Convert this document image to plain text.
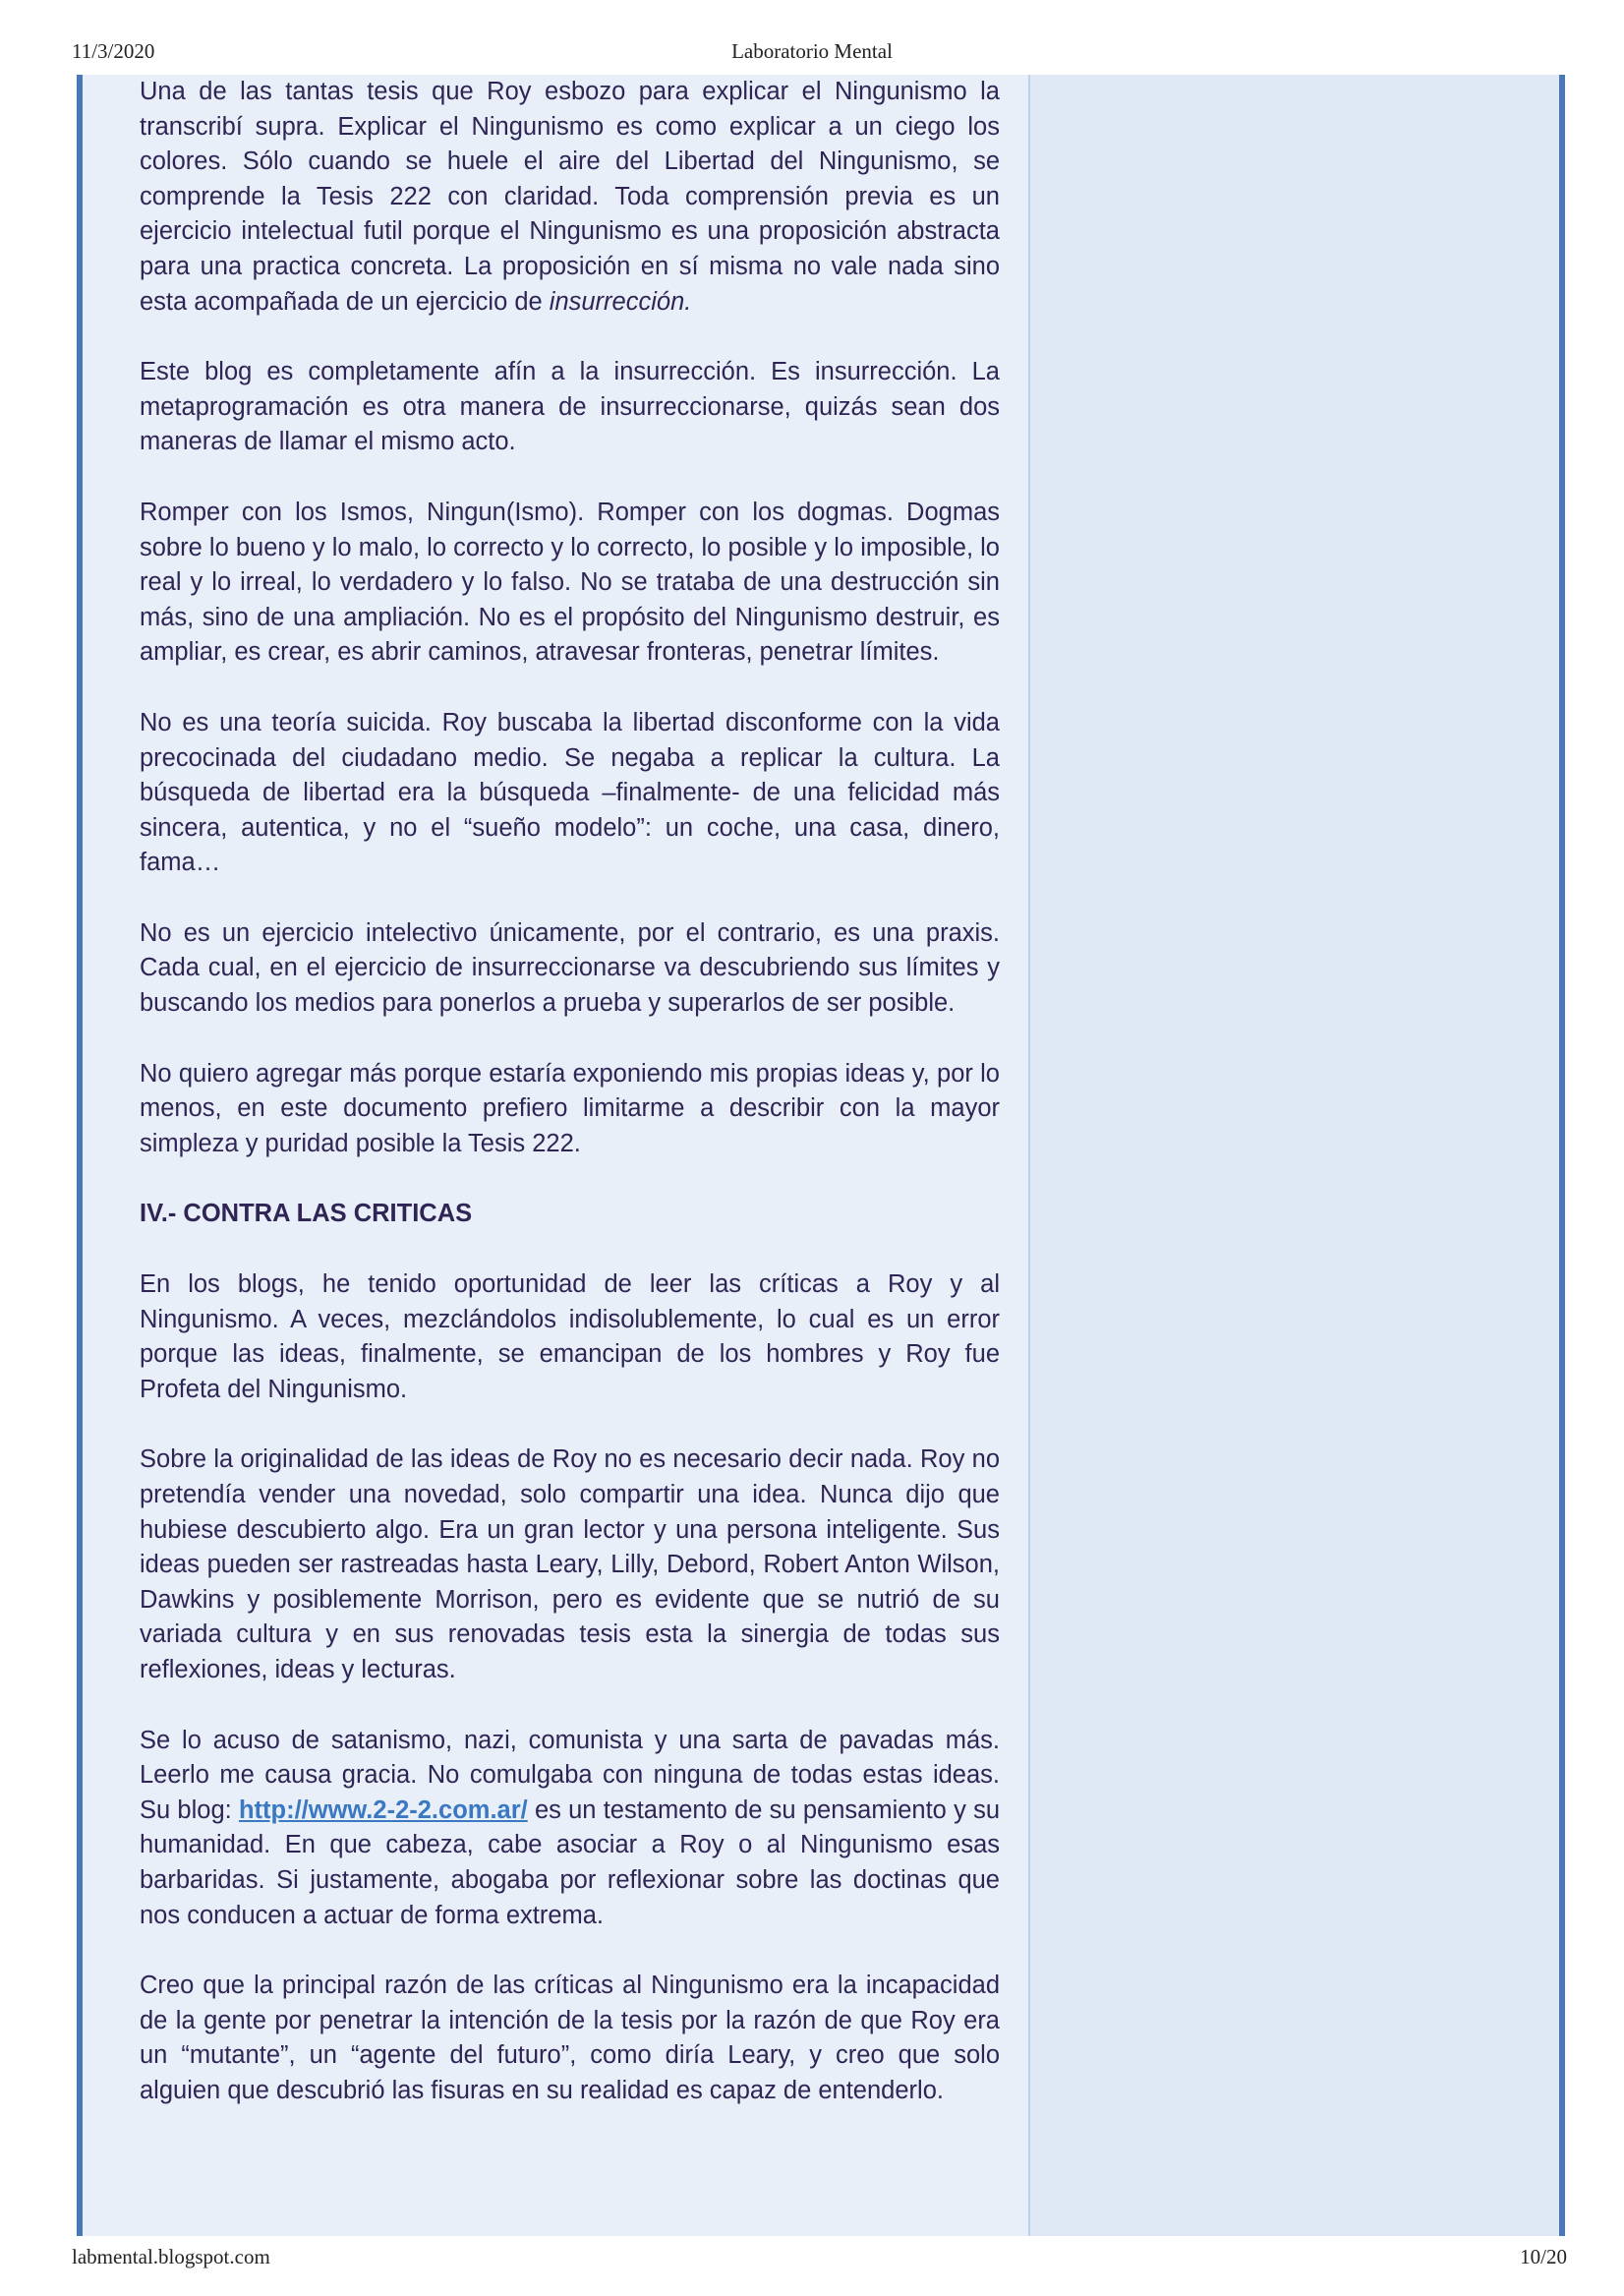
11/3/2020	Laboratorio Mental

Una de las tantas tesis que Roy esbozo para explicar el Ningunismo la transcribí supra. Explicar el Ningunismo es como explicar a un ciego los colores. Sólo cuando se huele el aire del Libertad del Ningunismo, se comprende la Tesis 222 con claridad. Toda comprensión previa es un ejercicio intelectual futil porque el Ningunismo es una proposición abstracta para una practica concreta. La proposición en sí misma no vale nada sino esta acompañada de un ejercicio de insurrección.

Este blog es completamente afín a la insurrección. Es insurrección. La metaprogramación es otra manera de insurreccionarse, quizás sean dos maneras de llamar el mismo acto.

Romper con los Ismos, Ningun(Ismo). Romper con los dogmas. Dogmas sobre lo bueno y lo malo, lo correcto y lo correcto, lo posible y lo imposible, lo real y lo irreal, lo verdadero y lo falso. No se trataba de una destrucción sin más, sino de una ampliación. No es el propósito del Ningunismo destruir, es ampliar, es crear, es abrir caminos, atravesar fronteras, penetrar límites.

No es una teoría suicida. Roy buscaba la libertad disconforme con la vida precocinada del ciudadano medio. Se negaba a replicar la cultura. La búsqueda de libertad era la búsqueda –finalmente- de una felicidad más sincera, autentica, y no el “sueño modelo”: un coche, una casa, dinero, fama…

No es un ejercicio intelectivo únicamente, por el contrario, es una praxis. Cada cual, en el ejercicio de insurreccionarse va descubriendo sus límites y buscando los medios para ponerlos a prueba y superarlos de ser posible.

No quiero agregar más porque estaría exponiendo mis propias ideas y, por lo menos, en este documento prefiero limitarme a describir con la mayor simpleza y puridad posible la Tesis 222.

IV.- CONTRA LAS CRITICAS

En los blogs, he tenido oportunidad de leer las críticas a Roy y al Ningunismo. A veces, mezclándolos indisolublemente, lo cual es un error porque las ideas, finalmente, se emancipan de los hombres y Roy fue Profeta del Ningunismo.

Sobre la originalidad de las ideas de Roy no es necesario decir nada. Roy no pretendía vender una novedad, solo compartir una idea. Nunca dijo que hubiese descubierto algo. Era un gran lector y una persona inteligente. Sus ideas pueden ser rastreadas hasta Leary, Lilly, Debord, Robert Anton Wilson, Dawkins y posiblemente Morrison, pero es evidente que se nutrió de su variada cultura y en sus renovadas tesis esta la sinergia de todas sus reflexiones, ideas y lecturas.

Se lo acuso de satanismo, nazi, comunista y una sarta de pavadas más. Leerlo me causa gracia. No comulgaba con ninguna de todas estas ideas. Su blog: http://www.2-2-2.com.ar/ es un testamento de su pensamiento y su humanidad. En que cabeza, cabe asociar a Roy o al Ningunismo esas barbaridas. Si justamente, abogaba por reflexionar sobre las doctinas que nos conducen a actuar de forma extrema.

Creo que la principal razón de las críticas al Ningunismo era la incapacidad de la gente por penetrar la intención de la tesis por la razón de que Roy era un “mutante”, un “agente del futuro”, como diría Leary, y creo que solo alguien que descubrió las fisuras en su realidad es capaz de entenderlo.

labmental.blogspot.com	10/20
